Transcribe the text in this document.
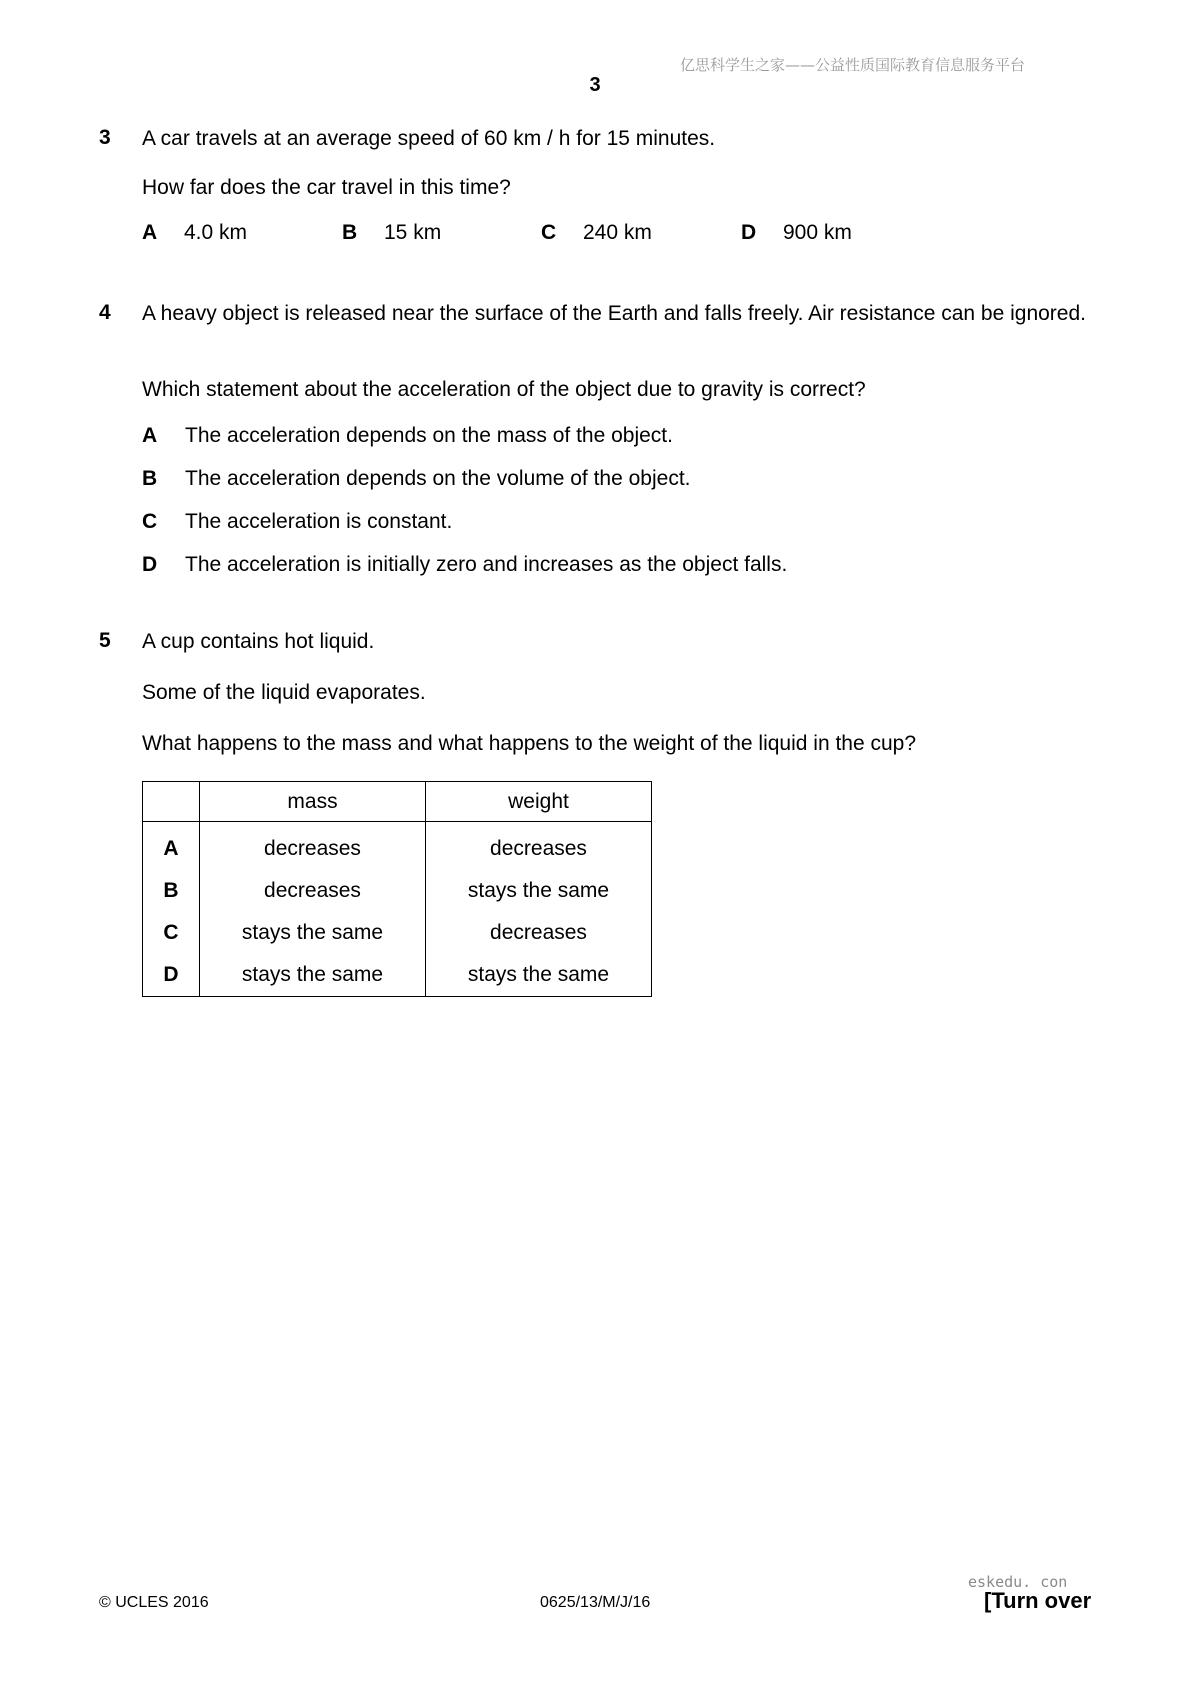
亿思科学生之家——公益性质国际教育信息服务平台
3
3 A car travels at an average speed of 60 km / h for 15 minutes.
How far does the car travel in this time?
A 4.0 km	B 15 km	C 240 km	D 900 km
4 A heavy object is released near the surface of the Earth and falls freely. Air resistance can be ignored.
Which statement about the acceleration of the object due to gravity is correct?
A The acceleration depends on the mass of the object.
B The acceleration depends on the volume of the object.
C The acceleration is constant.
D The acceleration is initially zero and increases as the object falls.
5 A cup contains hot liquid.
Some of the liquid evaporates.
What happens to the mass and what happens to the weight of the liquid in the cup?
	mass	weight
A	decreases	decreases
B	decreases	stays the same
C	stays the same	decreases
D	stays the same	stays the same
© UCLES 2016	0625/13/M/J/16
eskedu. con
[Turn over
